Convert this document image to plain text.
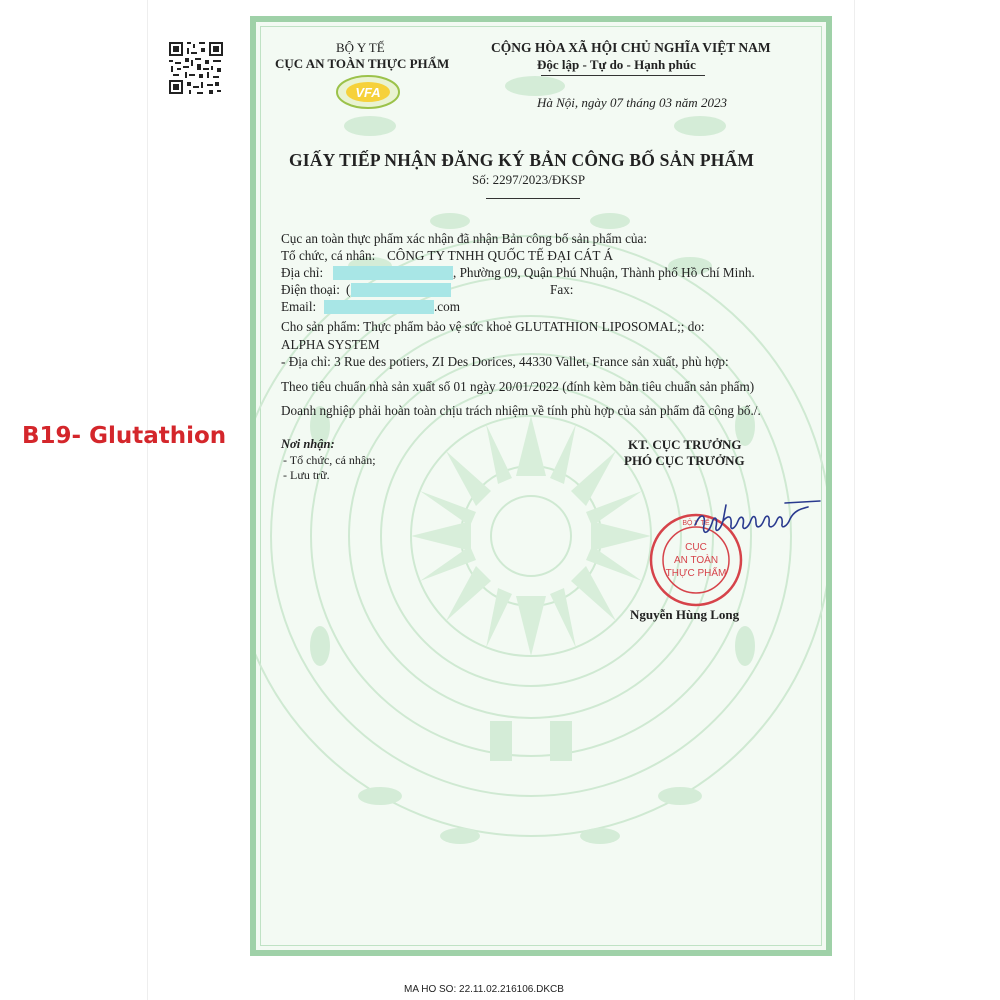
B19- Glutathion
VFA
BỘ Y TẾ
CỤC AN TOÀN THỰC PHẨM
CỘNG HÒA XÃ HỘI CHỦ NGHĨA VIỆT NAM
Độc lập - Tự do - Hạnh phúc
Hà Nội, ngày 07 tháng 03 năm 2023
GIẤY TIẾP NHẬN ĐĂNG KÝ BẢN CÔNG BỐ SẢN PHẨM
Số: 2297/2023/ĐKSP
Cục an toàn thực phẩm xác nhận đã nhận Bản công bố sản phẩm của:
Tổ chức, cá nhân: CÔNG TY TNHH QUỐC TẾ ĐẠI CÁT Á
Địa chỉ:	, Phường 09, Quận Phú Nhuận, Thành phố Hồ Chí Minh.
Điện thoại: (	Fax:
Email:	.com
Cho sản phẩm: Thực phẩm bảo vệ sức khoẻ GLUTATHION LIPOSOMAL;; do:
ALPHA SYSTEM
- Địa chỉ: 3 Rue des potiers, ZI Des Dorices, 44330 Vallet, France sản xuất, phù hợp:
Theo tiêu chuẩn nhà sản xuất số 01 ngày 20/01/2022 (đính kèm bản tiêu chuẩn sản phẩm)
Doanh nghiệp phải hoàn toàn chịu trách nhiệm về tính phù hợp của sản phẩm đã công bố./.
KT. CỤC TRƯỞNG
PHÓ CỤC TRƯỞNG
Nơi nhận:
- Tổ chức, cá nhân;
- Lưu trữ.
BỘ Y TẾ
CỤC
AN TOÀN
THỰC PHẨM
Nguyễn Hùng Long
MA HO SO: 22.11.02.216106.DKCB
